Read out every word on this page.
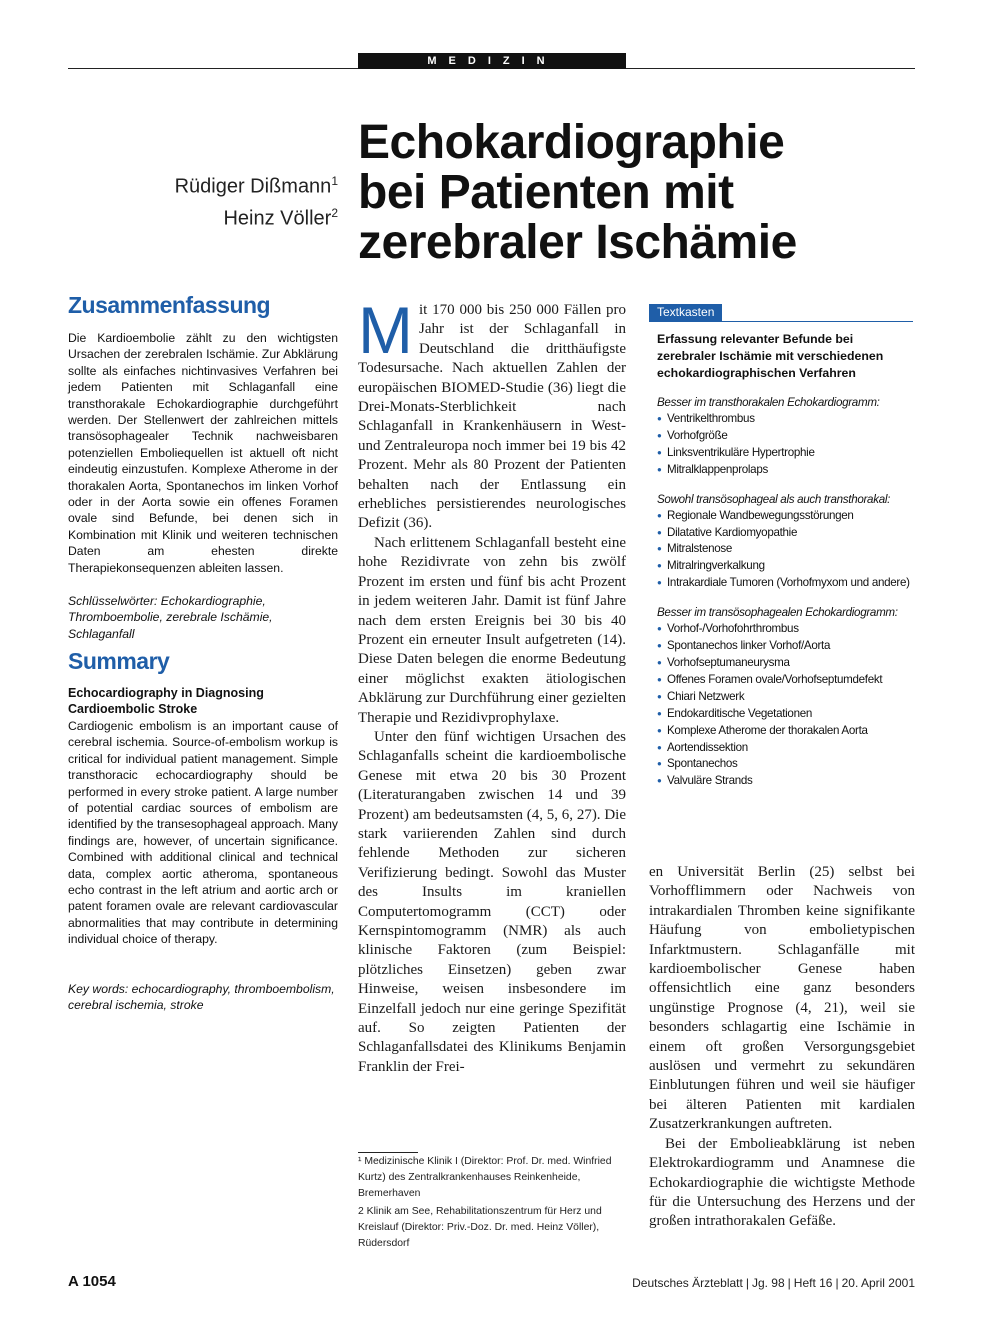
MEDIZIN
Rüdiger Dißmann$^1$
Heinz Völler$^2$
Echokardiographie
bei Patienten mit
zerebraler Ischämie
Zusammenfassung
Die Kardioembolie zählt zu den wichtigsten Ursachen der zerebralen Ischämie. Zur Abklärung sollte als einfaches nichtinvasives Verfahren bei jedem Patienten mit Schlaganfall eine transthorakale Echokardiographie durchgeführt werden. Der Stellenwert der zahlreichen mittels transösophagealer Technik nachweisbaren potenziellen Emboliequellen ist aktuell oft nicht eindeutig einzustufen. Komplexe Atherome in der thorakalen Aorta, Spontanechos im linken Vorhof oder in der Aorta sowie ein offenes Foramen ovale sind Befunde, bei denen sich in Kombination mit Klinik und weiteren technischen Daten am ehesten direkte Therapiekonsequenzen ableiten lassen.
Schlüsselwörter: Echokardiographie, Thromboembolie, zerebrale Ischämie, Schlaganfall
Summary
Echocardiography in Diagnosing Cardioembolic Stroke
Cardiogenic embolism is an important cause of cerebral ischemia. Source-of-embolism workup is critical for individual patient management. Simple transthoracic echocardiography should be performed in every stroke patient. A large number of potential cardiac sources of embolism are identified by the transesophageal approach. Many findings are, however, of uncertain significance. Combined with additional clinical and technical data, complex aortic atheroma, spontaneous echo contrast in the left atrium and aortic arch or patent foramen ovale are relevant cardiovascular abnormalities that may contribute in determining individual choice of therapy.
Key words: echocardiography, thromboembolism, cerebral ischemia, stroke

Mit 170 000 bis 250 000 Fällen pro Jahr ist der Schlaganfall in Deutschland die dritthäufigste Todesursache. Nach aktuellen Zahlen der europäischen BIOMED-Studie (36) liegt die Drei-Monats-Sterblichkeit nach Schlaganfall in Krankenhäusern in West- und Zentraleuropa noch immer bei 19 bis 42 Prozent. Mehr als 80 Prozent der Patienten behalten nach der Entlassung ein erhebliches persistierendes neurologisches Defizit (36).

Nach erlittenem Schlaganfall besteht eine hohe Rezidivrate von zehn bis zwölf Prozent im ersten und fünf bis acht Prozent in jedem weiteren Jahr. Damit ist fünf Jahre nach dem ersten Ereignis bei 30 bis 40 Prozent ein erneuter Insult aufgetreten (14). Diese Daten belegen die enorme Bedeutung einer möglichst exakten ätiologischen Abklärung zur Durchführung einer gezielten Therapie und Rezidivprophylaxe.

Unter den fünf wichtigen Ursachen des Schlaganfalls scheint die kardioembolische Genese mit etwa 20 bis 30 Prozent (Literaturangaben zwischen 14 und 39 Prozent) am bedeutsamsten (4, 5, 6, 27). Die stark variierenden Zahlen sind durch fehlende Methoden zur sicheren Verifizierung bedingt. Sowohl das Muster des Insults im kraniellen Computertomogramm (CCT) oder Kernspintomogramm (NMR) als auch klinische Faktoren (zum Beispiel: plötzliches Einsetzen) geben zwar Hinweise, weisen insbesondere im Einzelfall jedoch nur eine geringe Spezifität auf. So zeigten Patienten der Schlaganfallsdatei des Klinikums Benjamin Franklin der Frei-

¹ Medizinische Klinik I (Direktor: Prof. Dr. med. Winfried Kurtz) des Zentralkrankenhauses Reinkenheide, Bremerhaven

2 Klinik am See, Rehabilitationszentrum für Herz und Kreislauf (Direktor: Priv.-Doz. Dr. med. Heinz Völler), Rüdersdorf

Textkasten
Erfassung relevanter Befunde bei zerebraler Ischämie mit verschiedenen echokardiographischen Verfahren
Besser im transthorakalen Echokardiogramm:
● Ventrikelthrombus
● Vorhofgröße
● Linksventrikuläre Hypertrophie
● Mitralklappenprolaps
Sowohl transösophageal als auch transthorakal:
● Regionale Wandbewegungsstörungen
● Dilatative Kardiomyopathie
● Mitralstenose
● Mitralringverkalkung
● Intrakardiale Tumoren (Vorhofmyxom und andere)
Besser im transösophagealen Echokardiogramm:
● Vorhof-/Vorhofohrthrombus
● Spontanechos linker Vorhof/Aorta
● Vorhofseptumaneurysma
● Offenes Foramen ovale/Vorhofseptumdefekt
● Chiari Netzwerk
● Endokarditische Vegetationen
● Komplexe Atherome der thorakalen Aorta
● Aortendissektion
● Spontanechos
● Valvuläre Strands

en Universität Berlin (25) selbst bei Vorhofflimmern oder Nachweis von intrakardialen Thromben keine signifikante Häufung von embolietypischen Infarktmustern. Schlaganfälle mit kardioembolischer Genese haben offensichtlich eine ganz besonders ungünstige Prognose (4, 21), weil sie besonders schlagartig eine Ischämie in einem oft großen Versorgungsgebiet auslösen und vermehrt zu sekundären Einblutungen führen und weil sie häufiger bei älteren Patienten mit kardialen Zusatzerkrankungen auftreten.

Bei der Embolieabklärung ist neben Elektrokardiogramm und Anamnese die Echokardiographie die wichtigste Methode für die Untersuchung des Herzens und der großen intrathorakalen Gefäße.

A 1054	Deutsches Ärzteblatt | Jg. 98 | Heft 16 | 20. April 2001
